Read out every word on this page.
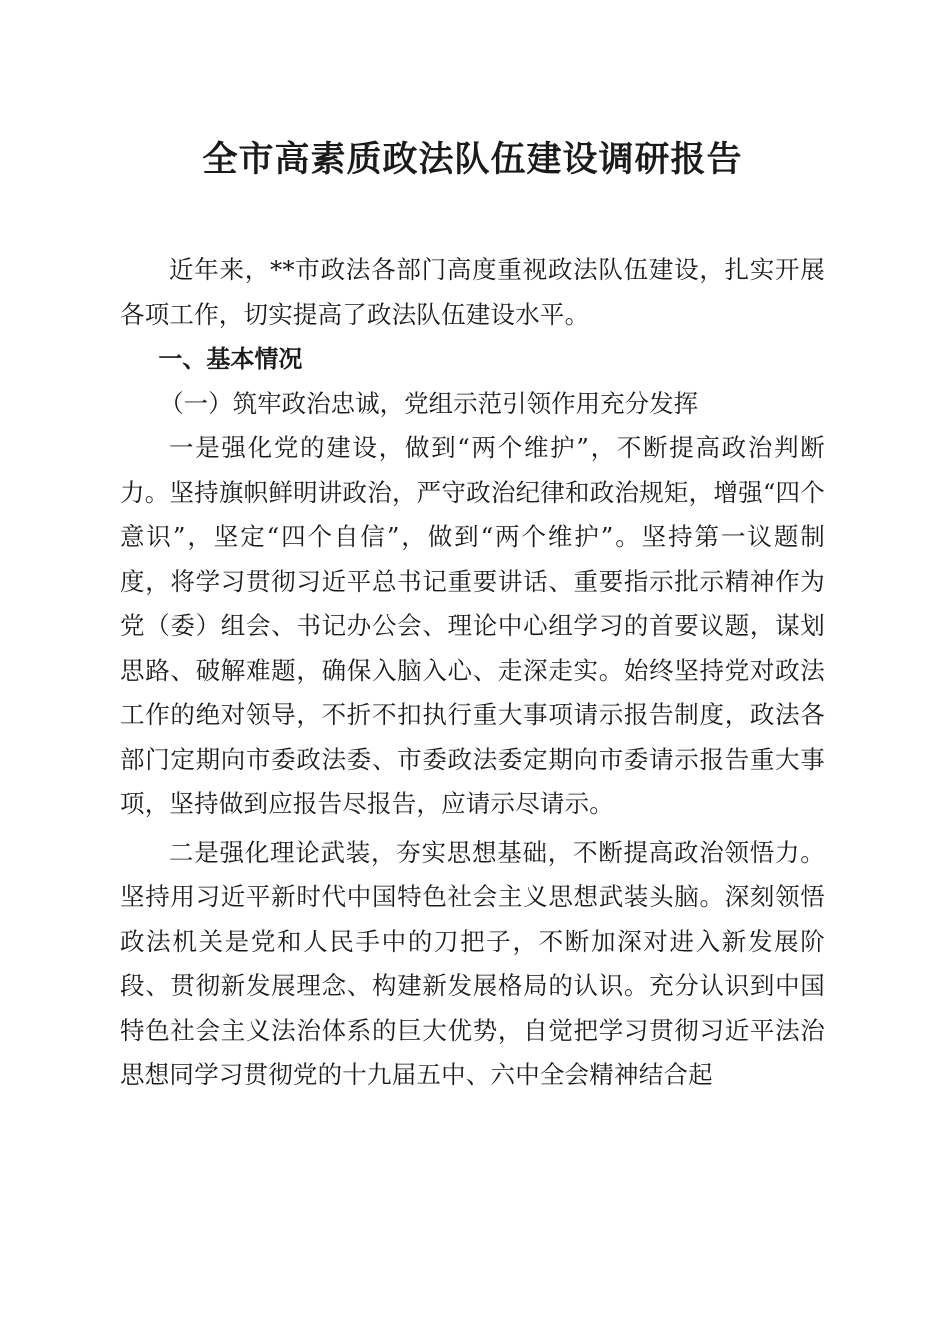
全市高素质政法队伍建设调研报告

近年来，**市政法各部门高度重视政法队伍建设，扎实开展各项工作，切实提高了政法队伍建设水平。

一、基本情况

（一）筑牢政治忠诚，党组示范引领作用充分发挥

一是强化党的建设，做到“两个维护”，不断提高政治判断力。坚持旗帜鲜明讲政治，严守政治纪律和政治规矩，增强“四个意识”，坚定“四个自信”，做到“两个维护”。坚持第一议题制度，将学习贯彻习近平总书记重要讲话、重要指示批示精神作为党（委）组会、书记办公会、理论中心组学习的首要议题，谋划思路、破解难题，确保入脑入心、走深走实。始终坚持党对政法工作的绝对领导，不折不扣执行重大事项请示报告制度，政法各部门定期向市委政法委、市委政法委定期向市委请示报告重大事项，坚持做到应报告尽报告，应请示尽请示。

二是强化理论武装，夯实思想基础，不断提高政治领悟力。坚持用习近平新时代中国特色社会主义思想武装头脑。深刻领悟政法机关是党和人民手中的刀把子，不断加深对进入新发展阶段、贯彻新发展理念、构建新发展格局的认识。充分认识到中国特色社会主义法治体系的巨大优势，自觉把学习贯彻习近平法治思想同学习贯彻党的十九届五中、六中全会精神结合起
